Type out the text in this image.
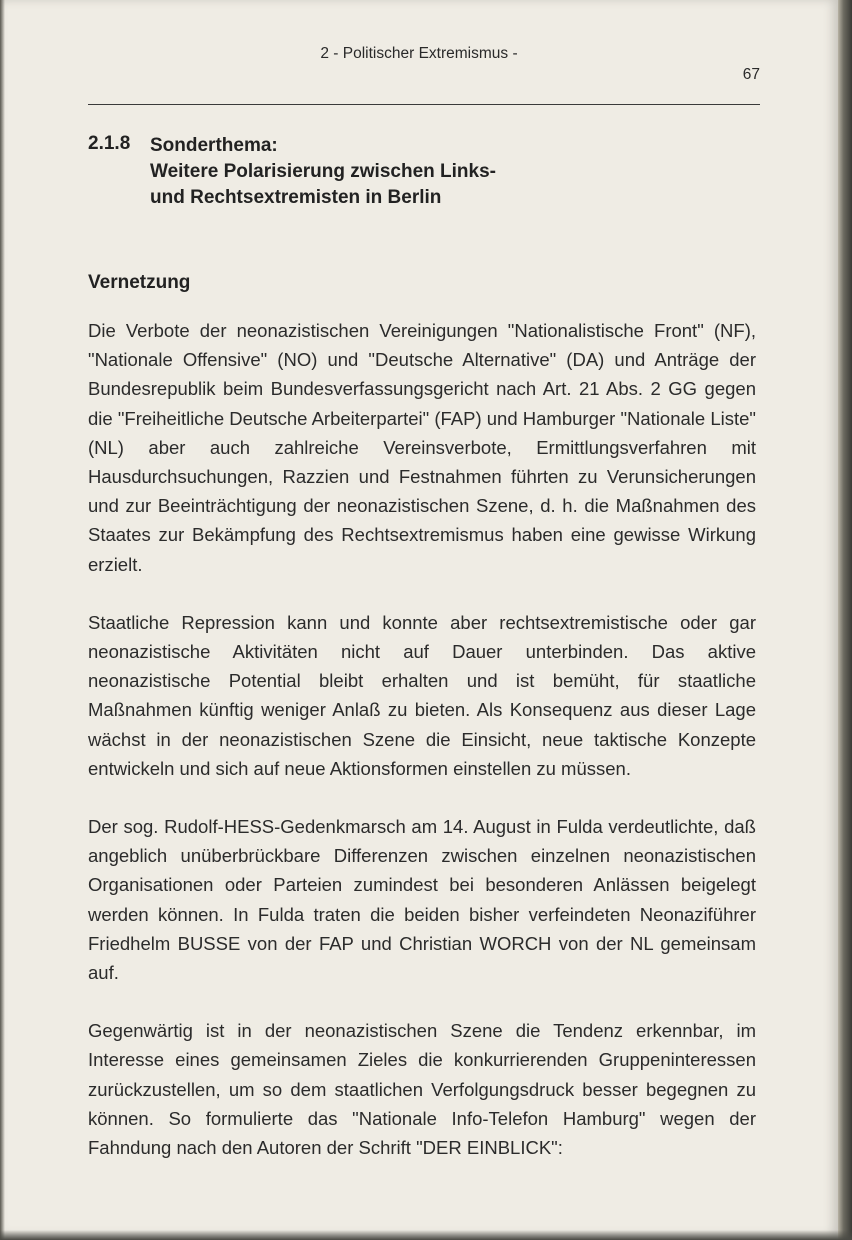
2 - Politischer Extremismus -
67
2.1.8 Sonderthema:
Weitere Polarisierung zwischen Links-
und Rechtsextremisten in Berlin
Vernetzung

Die Verbote der neonazistischen Vereinigungen "Nationalistische Front" (NF), "Nationale Offensive" (NO) und "Deutsche Alternative" (DA) und Anträge der Bundesrepublik beim Bundesverfassungsgericht nach Art. 21 Abs. 2 GG gegen die "Freiheitliche Deutsche Arbeiterpartei" (FAP) und Hamburger "Nationale Liste" (NL) aber auch zahlreiche Vereinsverbote, Ermittlungsverfahren mit Hausdurchsuchungen, Razzien und Festnahmen führten zu Verunsicherungen und zur Beeinträchtigung der neonazistischen Szene, d. h. die Maßnahmen des Staates zur Bekämpfung des Rechtsextremismus haben eine gewisse Wirkung erzielt.

Staatliche Repression kann und konnte aber rechtsextremistische oder gar neonazistische Aktivitäten nicht auf Dauer unterbinden. Das aktive neonazistische Potential bleibt erhalten und ist bemüht, für staatliche Maßnahmen künftig weniger Anlaß zu bieten. Als Konsequenz aus dieser Lage wächst in der neonazistischen Szene die Einsicht, neue taktische Konzepte entwickeln und sich auf neue Aktionsformen einstellen zu müssen.

Der sog. Rudolf-HESS-Gedenkmarsch am 14. August in Fulda verdeutlichte, daß angeblich unüberbrückbare Differenzen zwischen einzelnen neonazistischen Organisationen oder Parteien zumindest bei besonderen Anlässen beigelegt werden können. In Fulda traten die beiden bisher verfeindeten Neonaziführer Friedhelm BUSSE von der FAP und Christian WORCH von der NL gemeinsam auf.

Gegenwärtig ist in der neonazistischen Szene die Tendenz erkennbar, im Interesse eines gemeinsamen Zieles die konkurrierenden Gruppeninteressen zurückzustellen, um so dem staatlichen Verfolgungsdruck besser begegnen zu können. So formulierte das "Nationale Info-Telefon Hamburg" wegen der Fahndung nach den Autoren der Schrift "DER EINBLICK":
